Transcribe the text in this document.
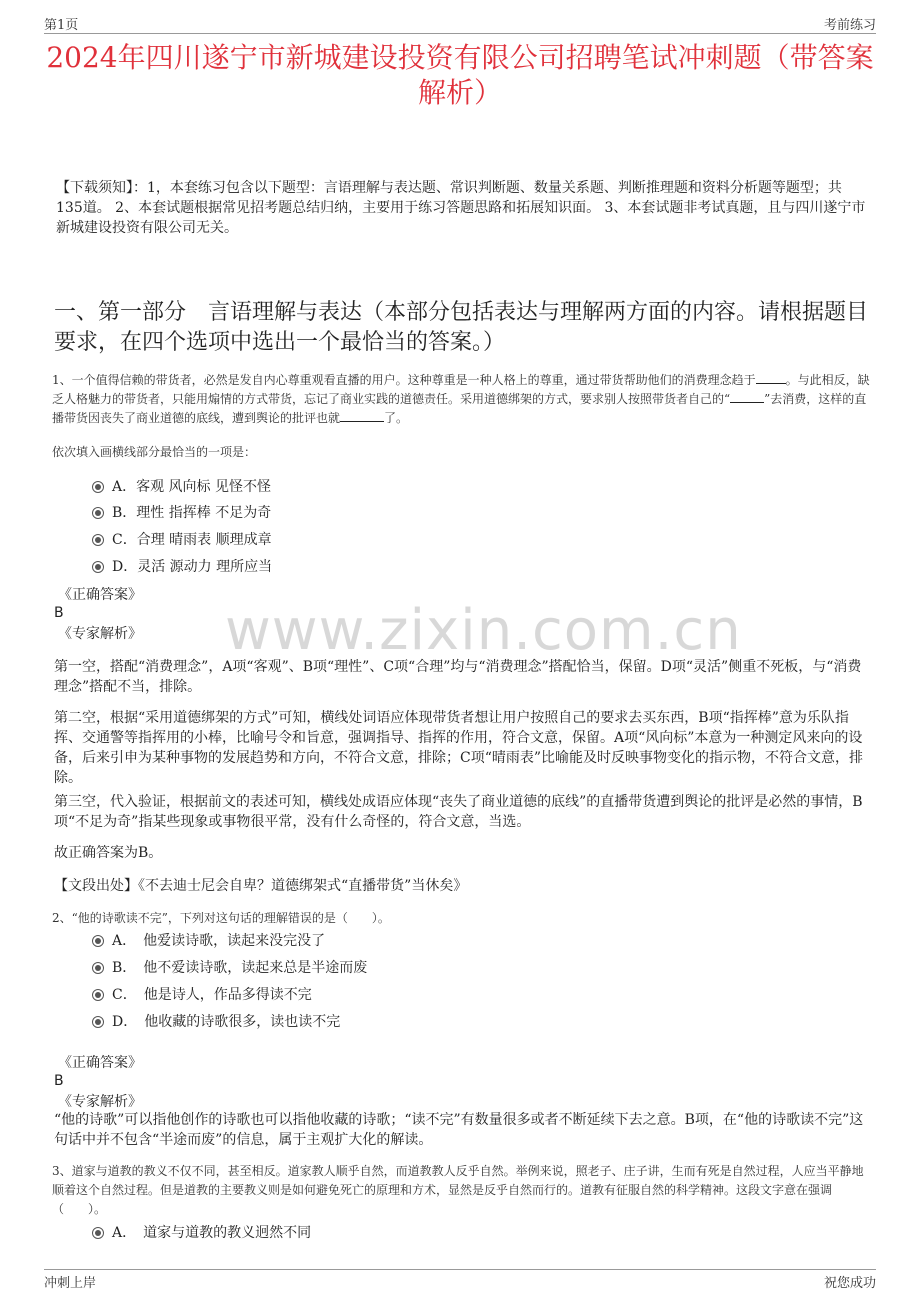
第1页	考前练习
2024年四川遂宁市新城建设投资有限公司招聘笔试冲刺题（带答案解析）
【下载须知】：1，本套练习包含以下题型：言语理解与表达题、常识判断题、数量关系题、判断推理题和资料分析题等题型；共135道。 2、本套试题根据常见招考题总结归纳，主要用于练习答题思路和拓展知识面。 3、本套试题非考试真题，且与四川遂宁市新城建设投资有限公司无关。
一、第一部分　言语理解与表达（本部分包括表达与理解两方面的内容。请根据题目要求，在四个选项中选出一个最恰当的答案。）
1、一个值得信赖的带货者，必然是发自内心尊重观看直播的用户。这种尊重是一种人格上的尊重，通过带货帮助他们的消费理念趋于	。与此相反，缺乏人格魅力的带货者，只能用煽情的方式带货，忘记了商业实践的道德责任。采用道德绑架的方式，要求别人按照带货者自己的“	”去消费，这样的直播带货因丧失了商业道德的底线，遭到舆论的批评也就	了。
依次填入画横线部分最恰当的一项是：
A．客观 风向标 见怪不怪
B．理性 指挥棒 不足为奇
C．合理 晴雨表 顺理成章
D．灵活 源动力 理所应当
《正确答案》
B
《专家解析》 www.zixin.com.cn
第一空，搭配“消费理念”，A项“客观”、B项“理性”、C项“合理”均与“消费理念”搭配恰当，保留。D项“灵活”侧重不死板，与“消费理念”搭配不当，排除。
第二空，根据“采用道德绑架的方式”可知，横线处词语应体现带货者想让用户按照自己的要求去买东西，B项“指挥棒”意为乐队指挥、交通警等指挥用的小棒，比喻号令和旨意，强调指导、指挥的作用，符合文意，保留。A项“风向标”本意为一种测定风来向的设备，后来引申为某种事物的发展趋势和方向，不符合文意，排除；C项“晴雨表”比喻能及时反映事物变化的指示物，不符合文意，排除。
第三空，代入验证，根据前文的表述可知，横线处成语应体现“丧失了商业道德的底线”的直播带货遭到舆论的批评是必然的事情，B项“不足为奇”指某些现象或事物很平常，没有什么奇怪的，符合文意，当选。
故正确答案为B。
【文段出处】《不去迪士尼会自卑？道德绑架式“直播带货”当休矣》
2、“他的诗歌读不完”，下列对这句话的理解错误的是（　　）。
A．　他爱读诗歌，读起来没完没了
B．　他不爱读诗歌，读起来总是半途而废
C．　他是诗人，作品多得读不完
D．　他收藏的诗歌很多，读也读不完
《正确答案》
B
《专家解析》
“他的诗歌”可以指他创作的诗歌也可以指他收藏的诗歌；“读不完”有数量很多或者不断延续下去之意。B项，在“他的诗歌读不完”这句话中并不包含“半途而废”的信息，属于主观扩大化的解读。
3、道家与道教的教义不仅不同，甚至相反。道家教人顺乎自然，而道教教人反乎自然。举例来说，照老子、庄子讲，生而有死是自然过程，人应当平静地顺着这个自然过程。但是道教的主要教义则是如何避免死亡的原理和方术，显然是反乎自然而行的。道教有征服自然的科学精神。这段文字意在强调（　　）。
A．　道家与道教的教义迥然不同
冲刺上岸	祝您成功
